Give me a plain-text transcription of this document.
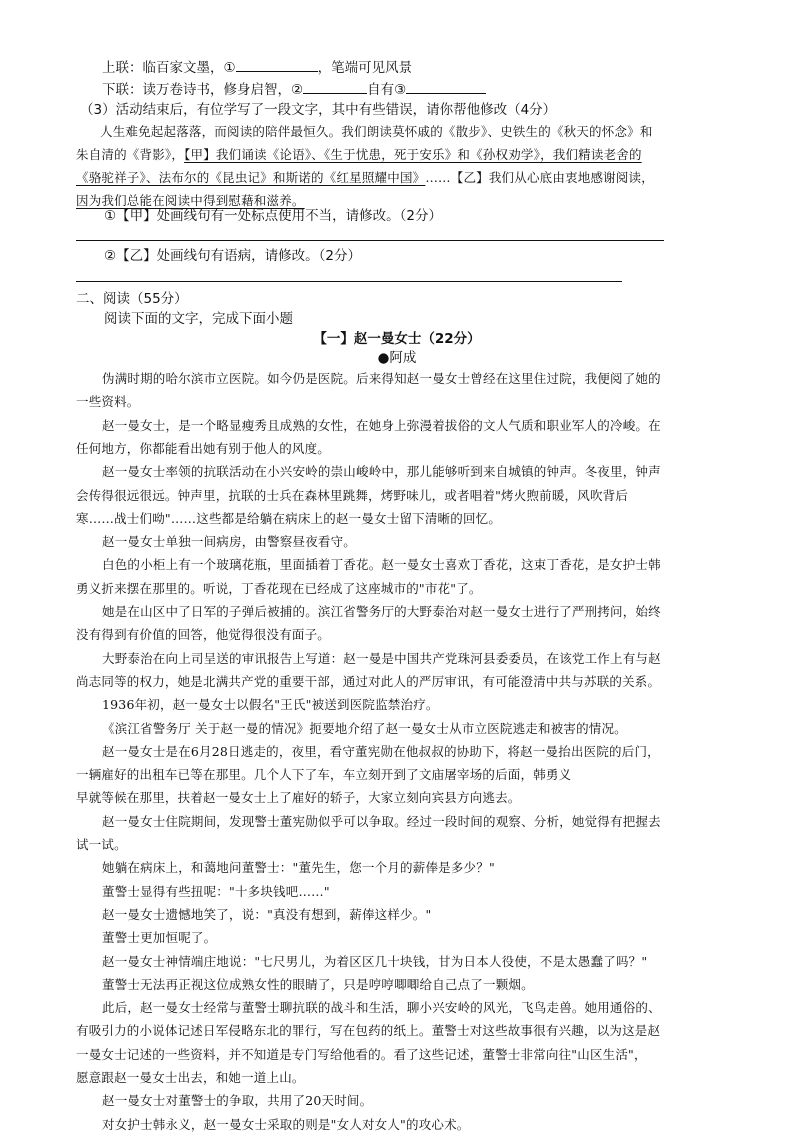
上联：临百家文墨，①	，笔端可见风景
下联：读万卷诗书，修身启智，②	自有③
（3）活动结束后，有位学写了一段文字，其中有些错误，请你帮他修改（4分）
人生难免起起落落，而阅读的陪伴最恒久。我们朗读莫怀戚的《散步》、史铁生的《秋天的怀念》和
朱自清的《背影》，【甲】我们诵读《论语》、《生于忧患，死于安乐》和《孙权劝学》，我们精读老舍的
《骆驼祥子》、法布尔的《昆虫记》和斯诺的《红星照耀中国》……【乙】我们从心底由衷地感谢阅读，
因为我们总能在阅读中得到慰藉和滋养。
①【甲】处画线句有一处标点使用不当，请修改。（2分）
②【乙】处画线句有语病，请修改。（2分）
二、阅读（55分）
阅读下面的文字，完成下面小题
【一】赵一曼女士（22分）
●阿成
伪满时期的哈尔滨市立医院。如今仍是医院。后来得知赵一曼女士曾经在这里住过院，我便阅了她的
一些资料。
赵一曼女士，是一个略显瘦秀且成熟的女性，在她身上弥漫着拔俗的文人气质和职业军人的冷峻。在
任何地方，你都能看出她有别于他人的风度。
赵一曼女士率领的抗联活动在小兴安岭的崇山峻岭中，那儿能够听到来自城镇的钟声。冬夜里，钟声
会传得很远很远。钟声里，抗联的士兵在森林里跳舞，烤野味儿，或者唱着"烤火煦前暖，风吹背后
寒……战士们呦"……这些都是给躺在病床上的赵一曼女士留下清晰的回忆。
赵一曼女士单独一间病房，由警察昼夜看守。
白色的小柜上有一个玻璃花瓶，里面插着丁香花。赵一曼女士喜欢丁香花，这束丁香花，是女护士韩
勇义折来摆在那里的。听说，丁香花现在已经成了这座城市的"市花"了。
她是在山区中了日军的子弹后被捕的。滨江省警务厅的大野泰治对赵一曼女士进行了严刑拷问，始终
没有得到有价值的回答，他觉得很没有面子。
大野泰治在向上司呈送的审讯报告上写道：赵一曼是中国共产党珠河县委委员，在该党工作上有与赵
尚志同等的权力，她是北满共产党的重要干部，通过对此人的严厉审讯，有可能澄清中共与苏联的关系。
1936年初，赵一曼女士以假名"王氏"被送到医院监禁治疗。
《滨江省警务厅 关于赵一曼的情况》扼要地介绍了赵一曼女士从市立医院逃走和被害的情况。
赵一曼女士是在6月28日逃走的，夜里，看守董宪勋在他叔叔的协助下，将赵一曼抬出医院的后门，
一辆雇好的出租车已等在那里。几个人下了车，车立刻开到了文庙屠宰场的后面，韩勇义
早就等候在那里，扶着赵一曼女士上了雇好的轿子，大家立刻向宾县方向逃去。
赵一曼女士住院期间，发现警士董宪勋似乎可以争取。经过一段时间的观察、分析，她觉得有把握去
试一试。
她躺在病床上，和蔼地问董警士："董先生，您一个月的薪俸是多少？"
董警士显得有些扭呢："十多块钱吧……"
赵一曼女士遗憾地笑了，说："真没有想到，薪俸这样少。"
董警士更加恒呢了。
赵一曼女士神情端庄地说："七尺男儿，为着区区几十块钱，甘为日本人役使，不是太愚蠢了吗？"
董警士无法再正视这位成熟女性的眼睛了，只是哼哼唧唧给自己点了一颗烟。
此后，赵一曼女士经常与董警士聊抗联的战斗和生活，聊小兴安岭的风光，飞鸟走兽。她用通俗的、
有吸引力的小说体记述日军侵略东北的罪行，写在包药的纸上。董警士对这些故事很有兴趣，以为这是赵
一曼女士记述的一些资料，并不知道是专门写给他看的。看了这些记述，董警士非常向往"山区生活"，
愿意跟赵一曼女士出去，和她一道上山。
赵一曼女士对董警士的争取，共用了20天时间。
对女护士韩永义，赵一曼女士采取的则是"女人对女人"的攻心术。
